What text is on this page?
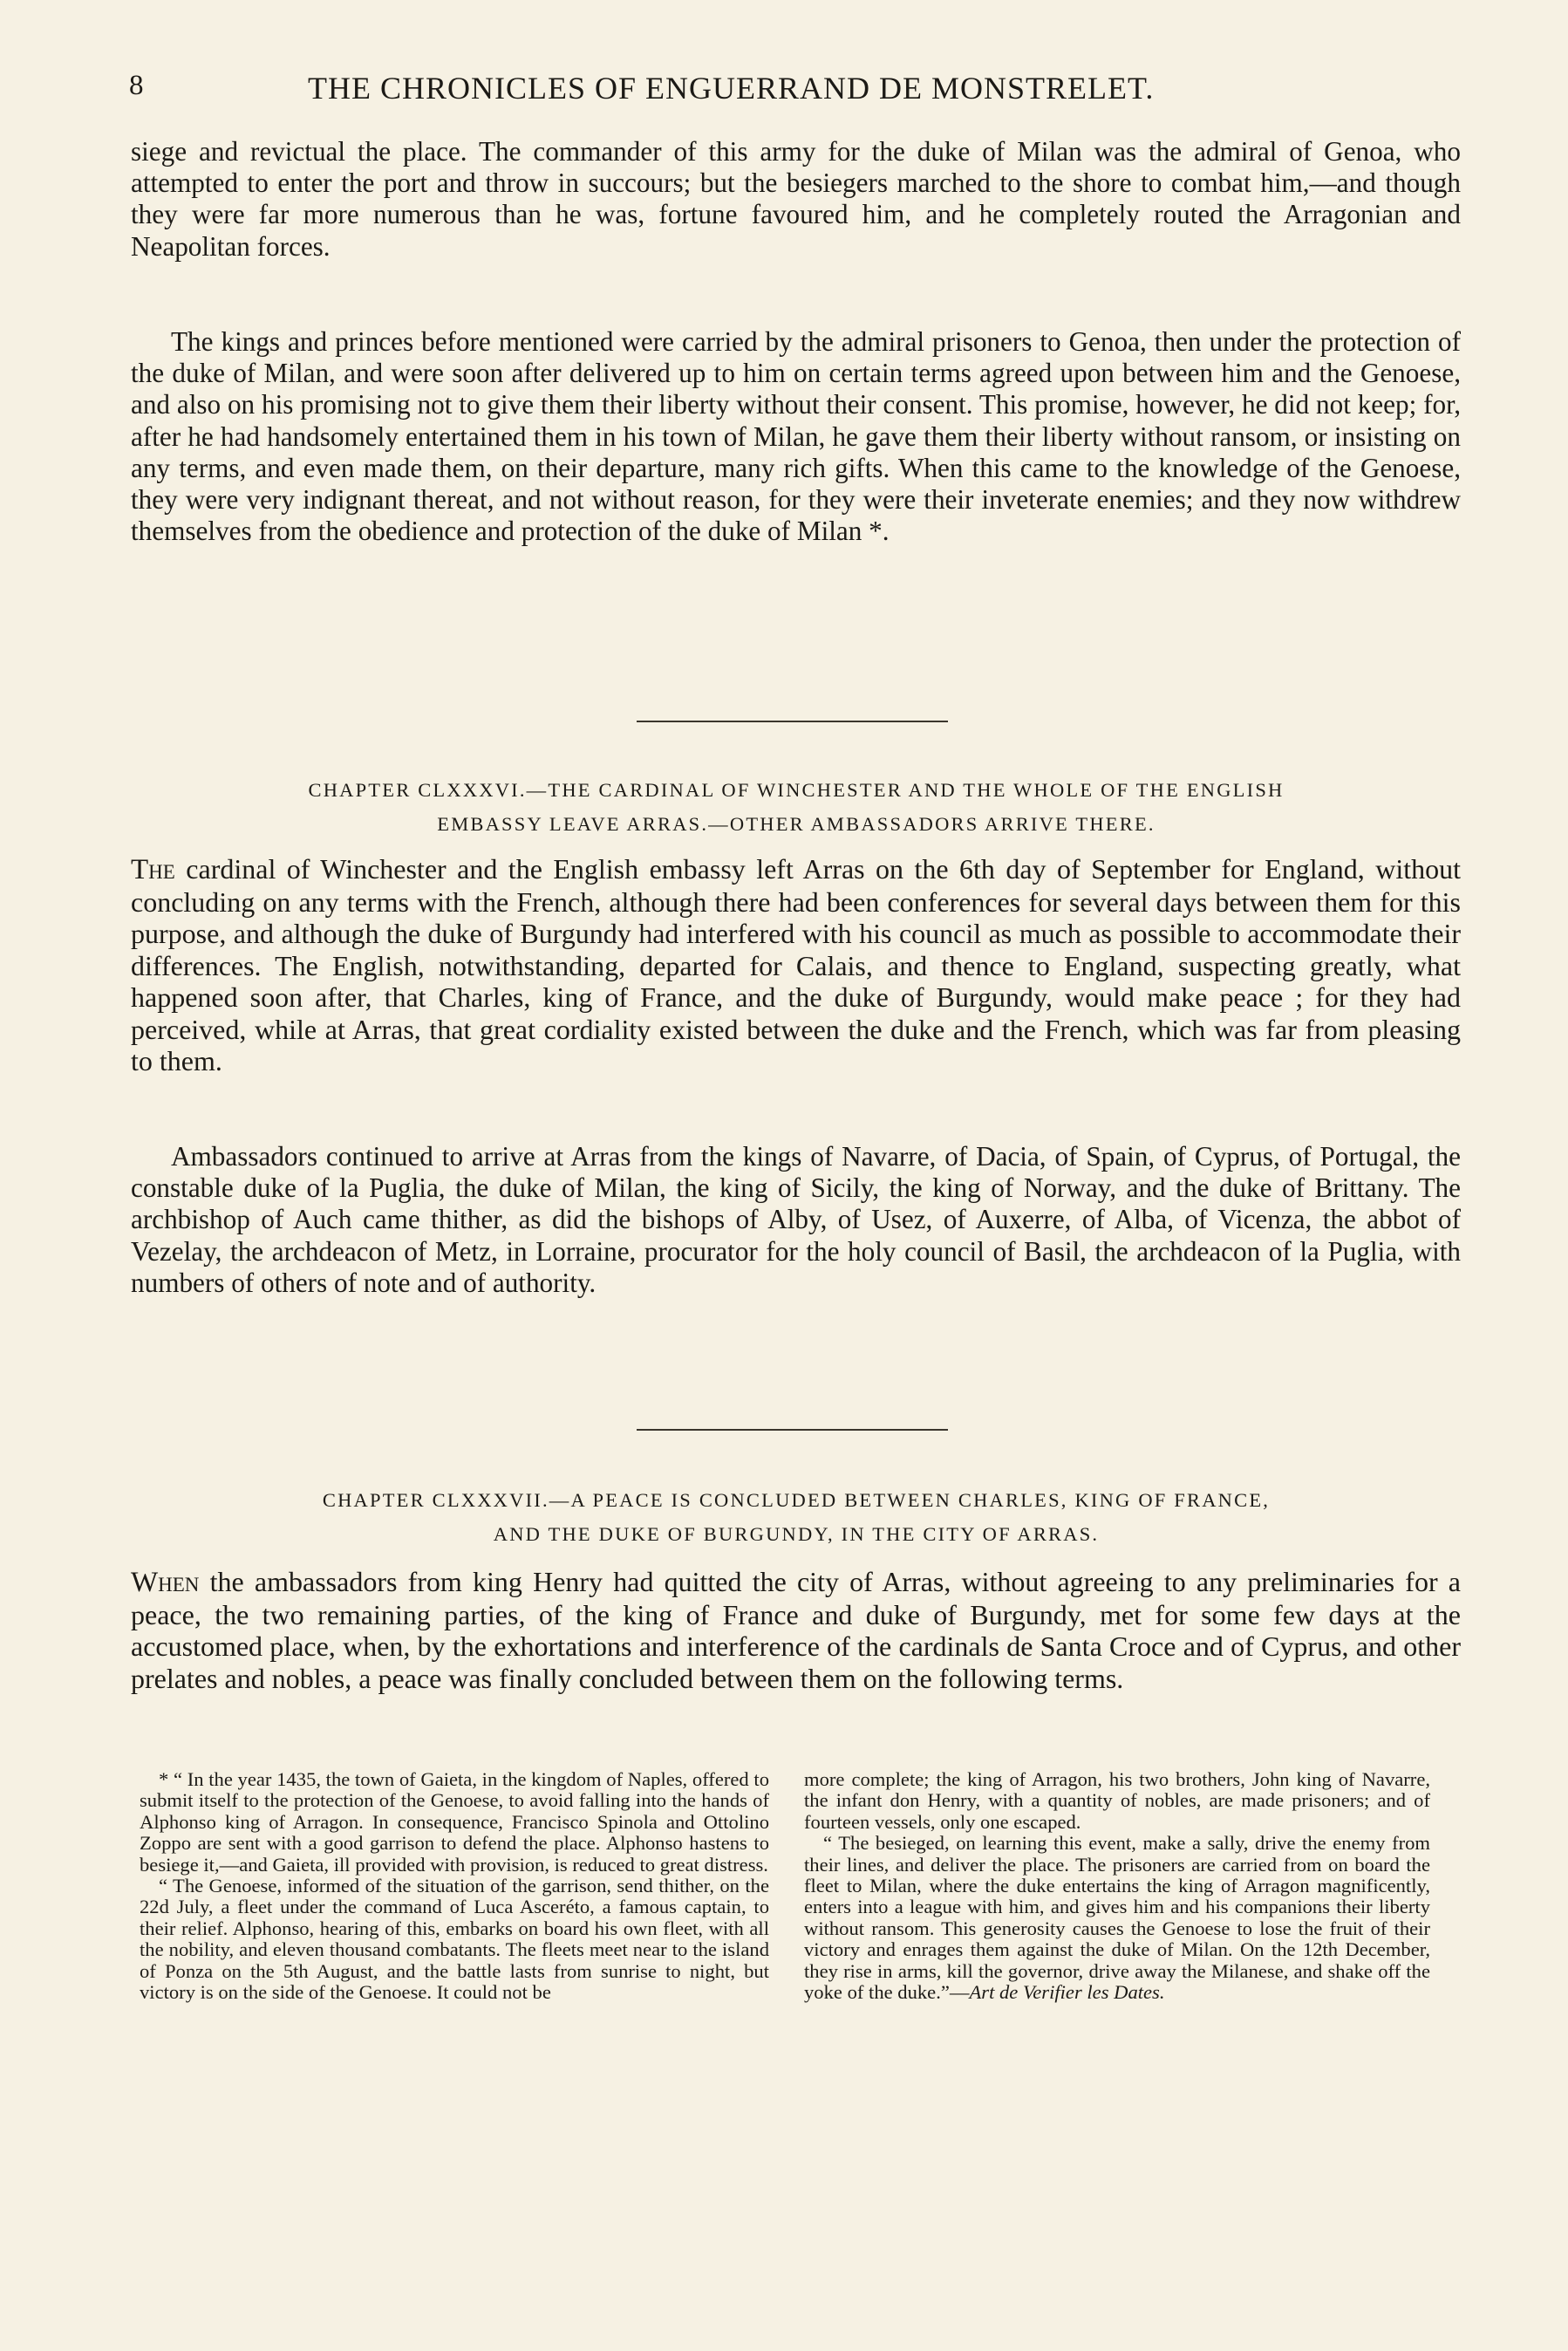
8	THE CHRONICLES OF ENGUERRAND DE MONSTRELET.

siege and revictual the place. The commander of this army for the duke of Milan was the admiral of Genoa, who attempted to enter the port and throw in succours; but the besiegers marched to the shore to combat him,—and though they were far more numerous than he was, fortune favoured him, and he completely routed the Arragonian and Neapolitan forces.

The kings and princes before mentioned were carried by the admiral prisoners to Genoa, then under the protection of the duke of Milan, and were soon after delivered up to him on certain terms agreed upon between him and the Genoese, and also on his promising not to give them their liberty without their consent. This promise, however, he did not keep; for, after he had handsomely entertained them in his town of Milan, he gave them their liberty without ransom, or insisting on any terms, and even made them, on their departure, many rich gifts. When this came to the knowledge of the Genoese, they were very indignant thereat, and not without reason, for they were their inveterate enemies; and they now withdrew themselves from the obedience and protection of the duke of Milan *.

CHAPTER CLXXXVI.—THE CARDINAL OF WINCHESTER AND THE WHOLE OF THE ENGLISH
EMBASSY LEAVE ARRAS.—OTHER AMBASSADORS ARRIVE THERE.

The cardinal of Winchester and the English embassy left Arras on the 6th day of September for England, without concluding on any terms with the French, although there had been conferences for several days between them for this purpose, and although the duke of Burgundy had interfered with his council as much as possible to accommodate their differences. The English, notwithstanding, departed for Calais, and thence to England, suspecting greatly, what happened soon after, that Charles, king of France, and the duke of Burgundy, would make peace ; for they had perceived, while at Arras, that great cordiality existed between the duke and the French, which was far from pleasing to them.

Ambassadors continued to arrive at Arras from the kings of Navarre, of Dacia, of Spain, of Cyprus, of Portugal, the constable duke of la Puglia, the duke of Milan, the king of Sicily, the king of Norway, and the duke of Brittany. The archbishop of Auch came thither, as did the bishops of Alby, of Usez, of Auxerre, of Alba, of Vicenza, the abbot of Vezelay, the archdeacon of Metz, in Lorraine, procurator for the holy council of Basil, the archdeacon of la Puglia, with numbers of others of note and of authority.

CHAPTER CLXXXVII.—A PEACE IS CONCLUDED BETWEEN CHARLES, KING OF FRANCE,
AND THE DUKE OF BURGUNDY, IN THE CITY OF ARRAS.

When the ambassadors from king Henry had quitted the city of Arras, without agreeing to any preliminaries for a peace, the two remaining parties, of the king of France and duke of Burgundy, met for some few days at the accustomed place, when, by the exhortations and interference of the cardinals de Santa Croce and of Cyprus, and other prelates and nobles, a peace was finally concluded between them on the following terms.

* “ In the year 1435, the town of Gaieta, in the kingdom of Naples, offered to submit itself to the protection of the Genoese, to avoid falling into the hands of Alphonso king of Arragon. In consequence, Francisco Spinola and Ottolino Zoppo are sent with a good garrison to defend the place. Alphonso hastens to besiege it,—and Gaieta, ill provided with provision, is reduced to great distress.

“ The Genoese, informed of the situation of the garrison, send thither, on the 22d July, a fleet under the command of Luca Asceréto, a famous captain, to their relief. Alphonso, hearing of this, embarks on board his own fleet, with all the nobility, and eleven thousand combatants. The fleets meet near to the island of Ponza on the 5th August, and the battle lasts from sunrise to night, but victory is on the side of the Genoese. It could not be

more complete; the king of Arragon, his two brothers, John king of Navarre, the infant don Henry, with a quantity of nobles, are made prisoners; and of fourteen vessels, only one escaped.

“ The besieged, on learning this event, make a sally, drive the enemy from their lines, and deliver the place. The prisoners are carried from on board the fleet to Milan, where the duke entertains the king of Arragon magnificently, enters into a league with him, and gives him and his companions their liberty without ransom. This generosity causes the Genoese to lose the fruit of their victory and enrages them against the duke of Milan. On the 12th December, they rise in arms, kill the governor, drive away the Milanese, and shake off the yoke of the duke.”—Art de Verifier les Dates.
